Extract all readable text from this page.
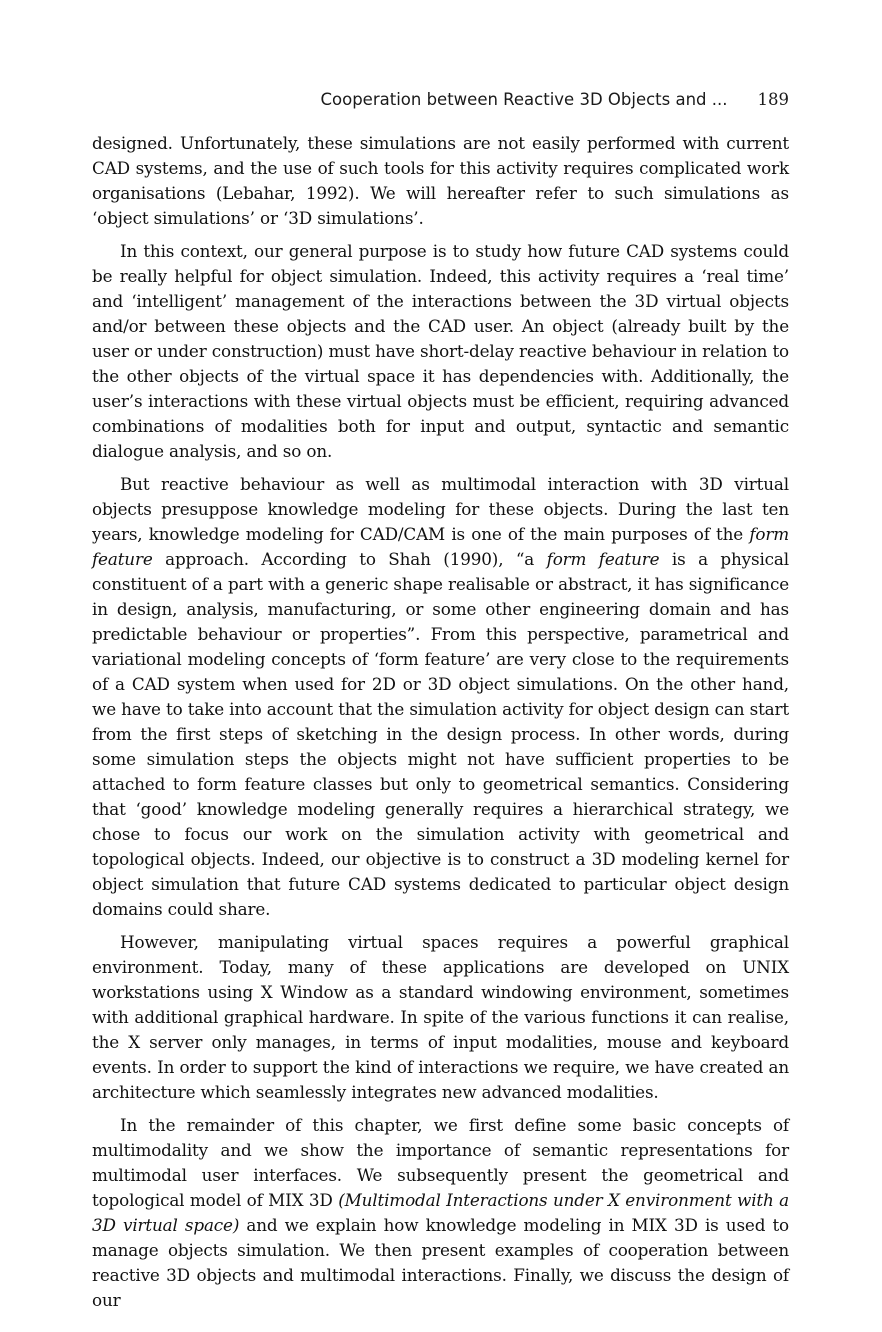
Cooperation between Reactive 3D Objects and ... 189

designed. Unfortunately, these simulations are not easily performed with current CAD systems, and the use of such tools for this activity requires complicated work organisations (Lebahar, 1992). We will hereafter refer to such simulations as ‘object simulations’ or ‘3D simulations’.

In this context, our general purpose is to study how future CAD systems could be really helpful for object simulation. Indeed, this activity requires a ‘real time’ and ‘intelligent’ management of the interactions between the 3D virtual objects and/or between these objects and the CAD user. An object (already built by the user or under construction) must have short-delay reactive behaviour in relation to the other objects of the virtual space it has dependencies with. Additionally, the user’s interactions with these virtual objects must be efficient, requiring advanced combinations of modalities both for input and output, syntactic and semantic dialogue analysis, and so on.

But reactive behaviour as well as multimodal interaction with 3D virtual objects presuppose knowledge modeling for these objects. During the last ten years, knowledge modeling for CAD/CAM is one of the main purposes of the form feature approach. According to Shah (1990), “a form feature is a physical constituent of a part with a generic shape realisable or abstract, it has significance in design, analysis, manufacturing, or some other engineering domain and has predictable behaviour or properties”. From this perspective, parametrical and variational modeling concepts of ‘form feature’ are very close to the requirements of a CAD system when used for 2D or 3D object simulations. On the other hand, we have to take into account that the simulation activity for object design can start from the first steps of sketching in the design process. In other words, during some simulation steps the objects might not have sufficient properties to be attached to form feature classes but only to geometrical semantics. Considering that ‘good’ knowledge modeling generally requires a hierarchical strategy, we chose to focus our work on the simulation activity with geometrical and topological objects. Indeed, our objective is to construct a 3D modeling kernel for object simulation that future CAD systems dedicated to particular object design domains could share.

However, manipulating virtual spaces requires a powerful graphical environment. Today, many of these applications are developed on UNIX workstations using X Window as a standard windowing environment, sometimes with additional graphical hardware. In spite of the various functions it can realise, the X server only manages, in terms of input modalities, mouse and keyboard events. In order to support the kind of interactions we require, we have created an architecture which seamlessly integrates new advanced modalities.

In the remainder of this chapter, we first define some basic concepts of multimodality and we show the importance of semantic representations for multimodal user interfaces. We subsequently present the geometrical and topological model of MIX 3D (Multimodal Interactions under X environment with a 3D virtual space) and we explain how knowledge modeling in MIX 3D is used to manage objects simulation. We then present examples of cooperation between reactive 3D objects and multimodal interactions. Finally, we discuss the design of our
